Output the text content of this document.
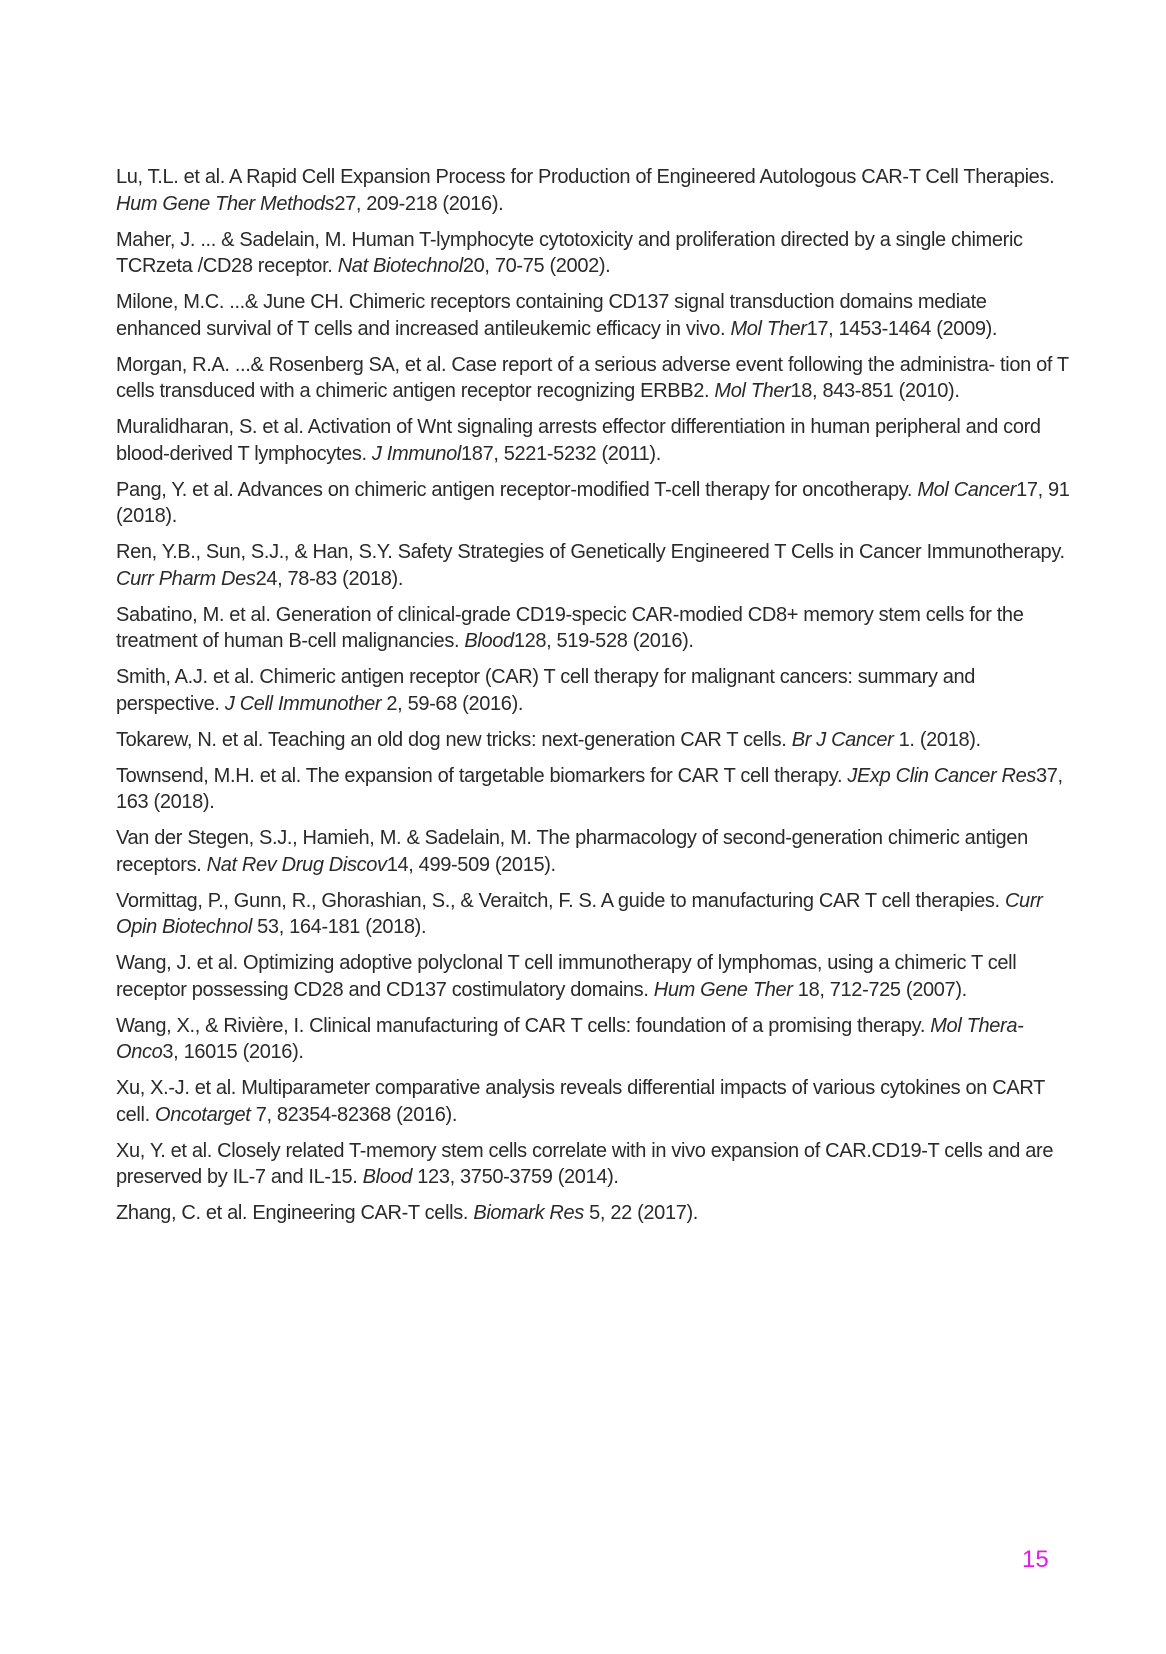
Lu, T.L. et al. A Rapid Cell Expansion Process for Production of Engineered Autologous CAR-T Cell Therapies. Hum Gene Ther Methods27, 209-218 (2016).

Maher, J. ... & Sadelain, M. Human T-lymphocyte cytotoxicity and proliferation directed by a single chimeric TCRzeta /CD28 receptor. Nat Biotechnol20, 70-75 (2002).

Milone, M.C. ...& June CH. Chimeric receptors containing CD137 signal transduction domains mediate enhanced survival of T cells and increased antileukemic efficacy in vivo. Mol Ther17, 1453-1464 (2009).

Morgan, R.A. ...& Rosenberg SA, et al. Case report of a serious adverse event following the administra- tion of T cells transduced with a chimeric antigen receptor recognizing ERBB2. Mol Ther18, 843-851 (2010).

Muralidharan, S. et al. Activation of Wnt signaling arrests effector differentiation in human peripheral and cord blood-derived T lymphocytes. J Immunol187, 5221-5232 (2011).

Pang, Y. et al. Advances on chimeric antigen receptor-modified T-cell therapy for oncotherapy. Mol Cancer17, 91 (2018).

Ren, Y.B., Sun, S.J., & Han, S.Y. Safety Strategies of Genetically Engineered T Cells in Cancer Immunotherapy. Curr Pharm Des24, 78-83 (2018).

Sabatino, M. et al. Generation of clinical-grade CD19-specic CAR-modied CD8+ memory stem cells for the treatment of human B-cell malignancies. Blood128, 519-528 (2016).

Smith, A.J. et al. Chimeric antigen receptor (CAR) T cell therapy for malignant cancers: summary and perspective. J Cell Immunother 2, 59-68 (2016).

Tokarew, N. et al. Teaching an old dog new tricks: next-generation CAR T cells. Br J Cancer 1. (2018).

Townsend, M.H. et al. The expansion of targetable biomarkers for CAR T cell therapy. JExp Clin Cancer Res37, 163 (2018).

Van der Stegen, S.J., Hamieh, M. & Sadelain, M. The pharmacology of second-generation chimeric antigen receptors. Nat Rev Drug Discov14, 499-509 (2015).

Vormittag, P., Gunn, R., Ghorashian, S., & Veraitch, F. S. A guide to manufacturing CAR T cell therapies. Curr Opin Biotechnol 53, 164-181 (2018).

Wang, J. et al. Optimizing adoptive polyclonal T cell immunotherapy of lymphomas, using a chimeric T cell receptor possessing CD28 and CD137 costimulatory domains. Hum Gene Ther 18, 712-725 (2007).

Wang, X., & Rivière, I. Clinical manufacturing of CAR T cells: foundation of a promising therapy. Mol Thera-Onco3, 16015 (2016).

Xu, X.-J. et al. Multiparameter comparative analysis reveals differential impacts of various cytokines on CART cell. Oncotarget 7, 82354-82368 (2016).

Xu, Y. et al. Closely related T-memory stem cells correlate with in vivo expansion of CAR.CD19-T cells and are preserved by IL-7 and IL-15. Blood 123, 3750-3759 (2014).

Zhang, C. et al. Engineering CAR-T cells. Biomark Res 5, 22 (2017).

15
